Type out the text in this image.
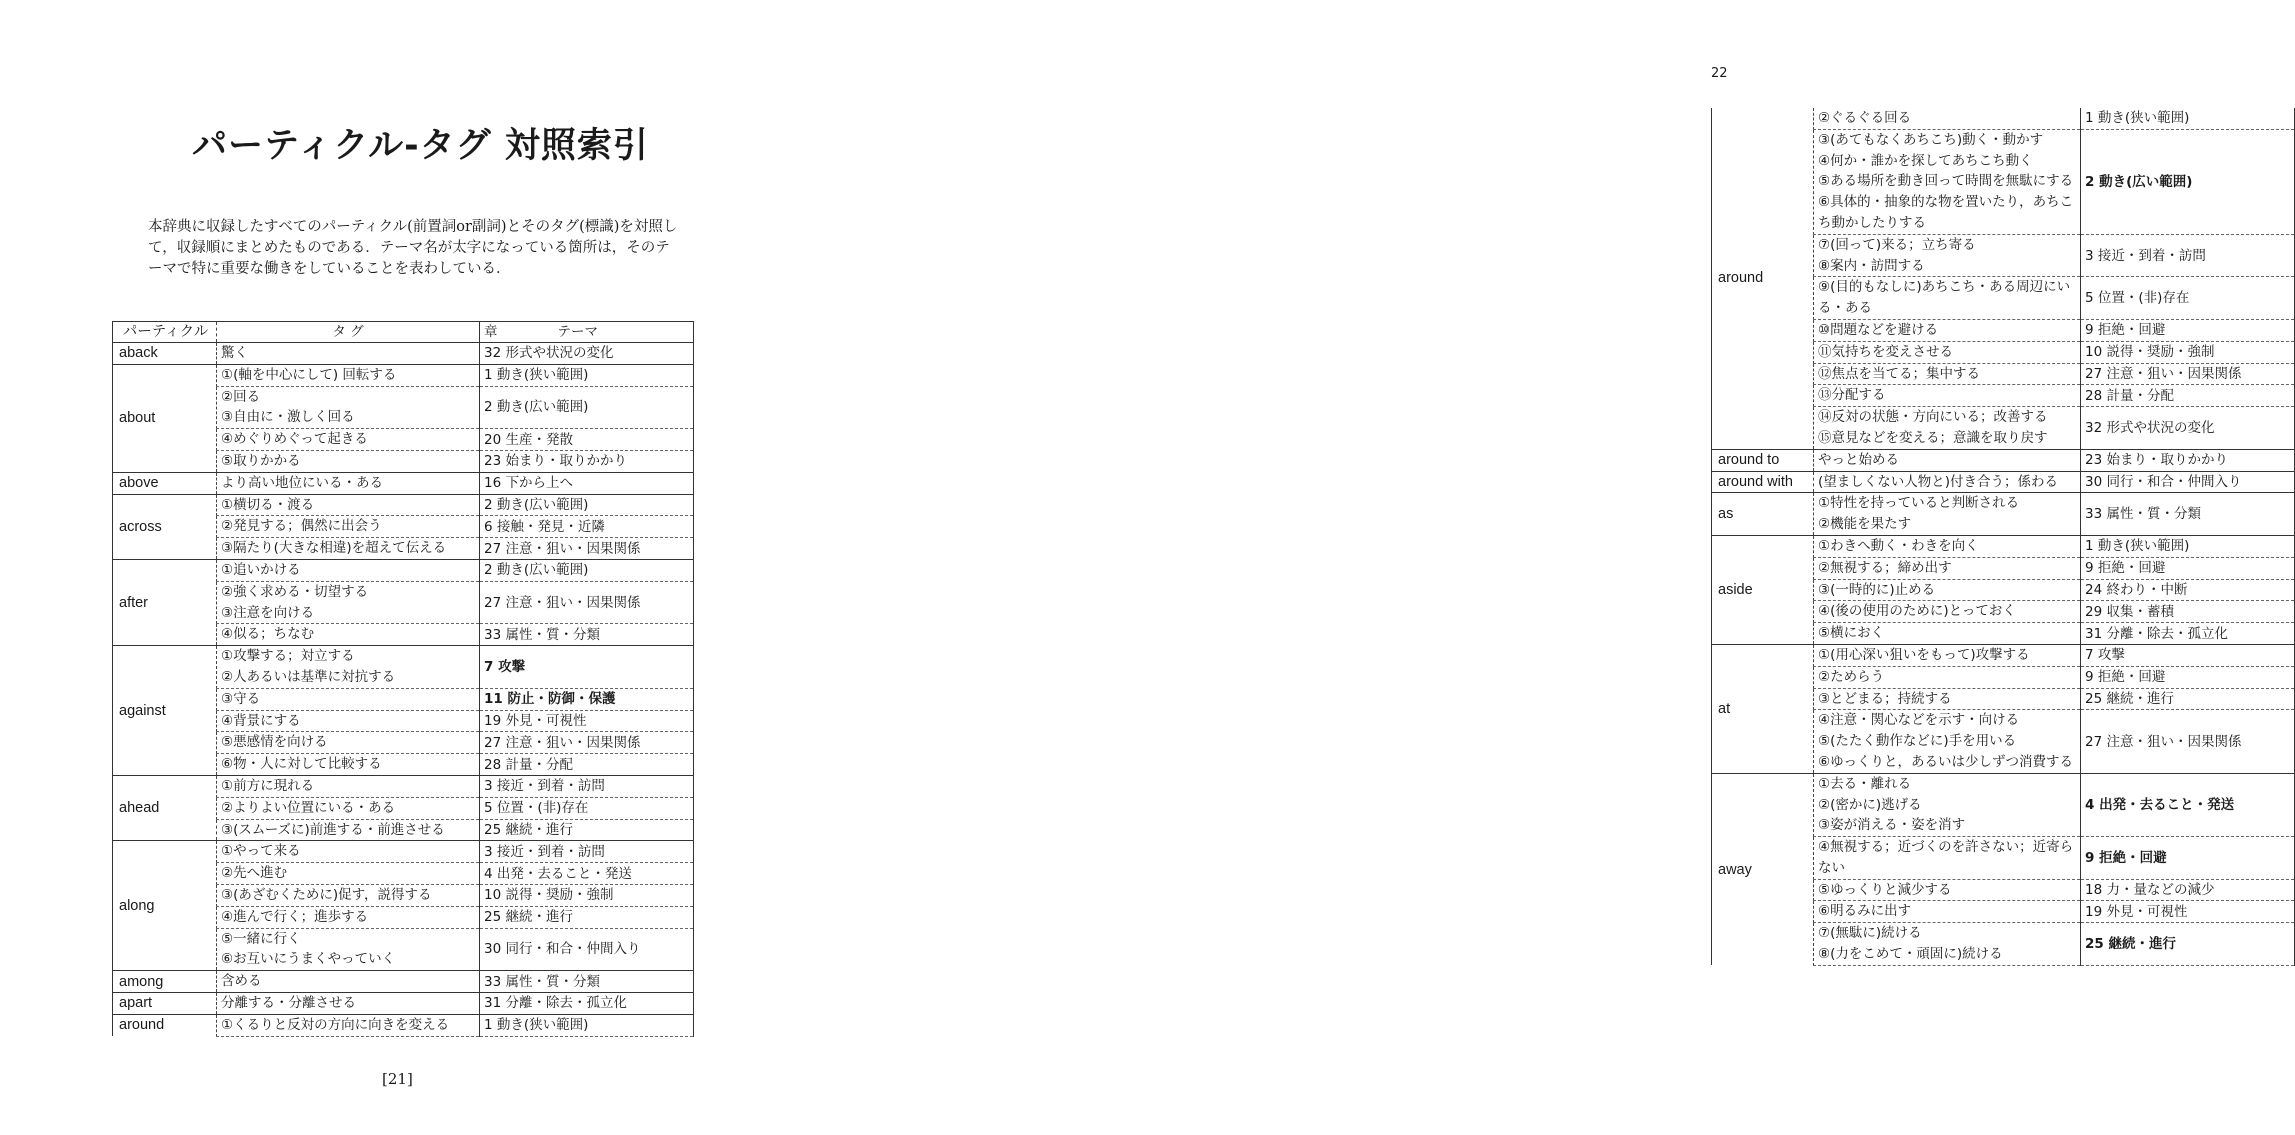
パーティクル-タグ 対照索引

本辞典に収録したすべてのパーティクル(前置詞or副詞)とそのタグ(標識)を対照して，収録順にまとめたものである．テーマ名が太字になっている箇所は，そのテーマで特に重要な働きをしていることを表わしている．

パーティクル	タ グ	章 テーマ
aback	驚く	32 形式や状況の変化
about	①(軸を中心にして) 回転する	1 動き(狭い範囲)

	②回る
③自由に・激しく回る	2 動き(広い範囲)

	④めぐりめぐって起きる	20 生産・発散

	⑤取りかかる	23 始まり・取りかかり
above	より高い地位にいる・ある	16 下から上へ
across	①横切る・渡る	2 動き(広い範囲)

	②発見する；偶然に出会う	6 接触・発見・近隣

	③隔たり(大きな相違)を超えて伝える	27 注意・狙い・因果関係
after	①追いかける	2 動き(広い範囲)

	②強く求める・切望する
③注意を向ける	27 注意・狙い・因果関係

	④似る；ちなむ	33 属性・質・分類
against	①攻撃する；対立する
②人あるいは基準に対抗する	7 攻撃

	③守る	11 防止・防御・保護

	④背景にする	19 外見・可視性

	⑤悪感情を向ける	27 注意・狙い・因果関係

	⑥物・人に対して比較する	28 計量・分配
ahead	①前方に現れる	3 接近・到着・訪問

	②よりよい位置にいる・ある	5 位置・(非)存在

	③(スムーズに)前進する・前進させる	25 継続・進行
along	①やって来る	3 接近・到着・訪問

	②先へ進む	4 出発・去ること・発送

	③(あざむくために)促す，説得する	10 説得・奨励・強制

	④進んで行く；進歩する	25 継続・進行

	⑤一緒に行く
⑥お互いにうまくやっていく	30 同行・和合・仲間入り
among	含める	33 属性・質・分類
apart	分離する・分離させる	31 分離・除去・孤立化
around	①くるりと反対の方向に向きを変える	1 動き(狭い範囲)
[21]
22
around	②ぐるぐる回る	1 動き(狭い範囲)

	③(あてもなくあちこち)動く・動かす
④何か・誰かを探してあちこち動く
⑤ある場所を動き回って時間を無駄にする
⑥具体的・抽象的な物を置いたり，あちこち動かしたりする	2 動き(広い範囲)

	⑦(回って)来る；立ち寄る
⑧案内・訪問する	3 接近・到着・訪問

	⑨(目的もなしに)あちこち・ある周辺にいる・ある	5 位置・(非)存在

	⑩問題などを避ける	9 拒絶・回避

	⑪気持ちを変えさせる	10 説得・奨励・強制

	⑫焦点を当てる；集中する	27 注意・狙い・因果関係

	⑬分配する	28 計量・分配

	⑭反対の状態・方向にいる；改善する
⑮意見などを変える；意識を取り戻す	32 形式や状況の変化
around to	やっと始める	23 始まり・取りかかり
around with	(望ましくない人物と)付き合う；係わる	30 同行・和合・仲間入り
as	①特性を持っていると判断される
②機能を果たす	33 属性・質・分類
aside	①わきへ動く・わきを向く	1 動き(狭い範囲)

	②無視する；締め出す	9 拒絶・回避

	③(一時的に)止める	24 終わり・中断

	④(後の使用のために)とっておく	29 収集・蓄積

	⑤横におく	31 分離・除去・孤立化
at	①(用心深い狙いをもって)攻撃する	7 攻撃

	②ためらう	9 拒絶・回避

	③とどまる；持続する	25 継続・進行

	④注意・関心などを示す・向ける
⑤(たたく動作などに)手を用いる
⑥ゆっくりと，あるいは少しずつ消費する	27 注意・狙い・因果関係
away	①去る・離れる
②(密かに)逃げる
③姿が消える・姿を消す	4 出発・去ること・発送

	④無視する；近づくのを許さない；近寄らない	9 拒絶・回避

	⑤ゆっくりと減少する	18 力・量などの減少

	⑥明るみに出す	19 外見・可視性

	⑦(無駄に)続ける
⑧(力をこめて・頑固に)続ける	25 継続・進行
